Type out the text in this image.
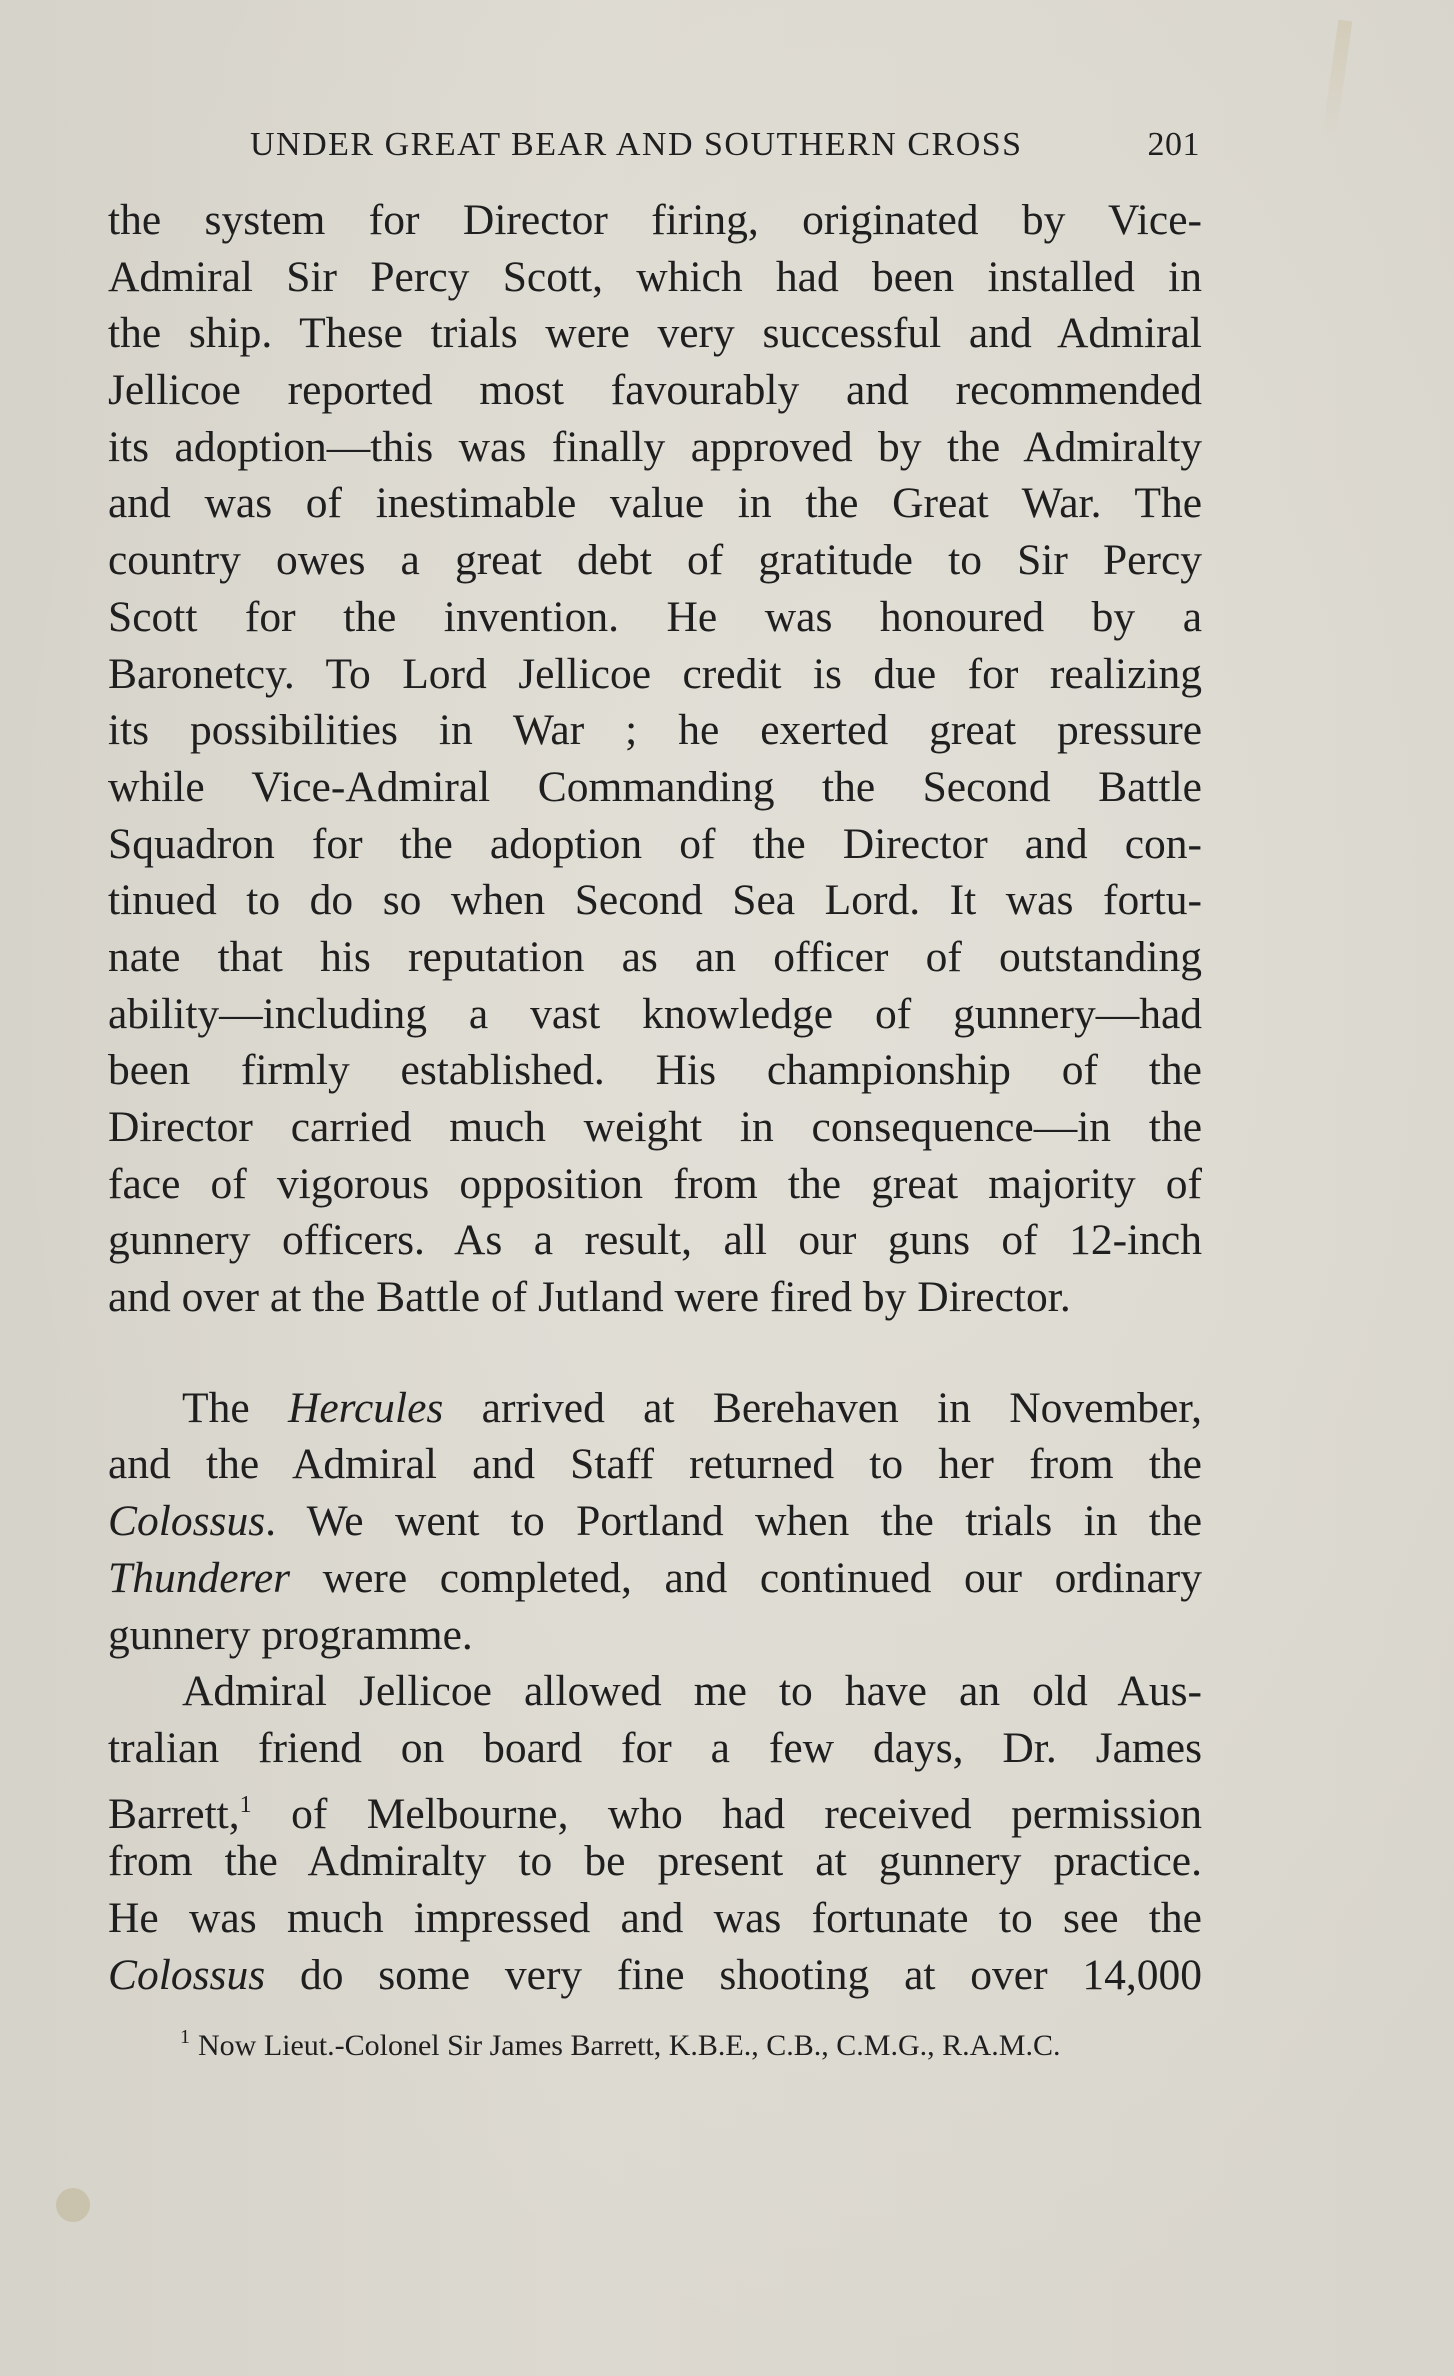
UNDER GREAT BEAR AND SOUTHERN CROSS	201
the system for Director firing, originated by Vice-
Admiral Sir Percy Scott, which had been installed in
the ship. These trials were very successful and Admiral
Jellicoe reported most favourably and recommended
its adoption—this was finally approved by the Admiralty
and was of inestimable value in the Great War. The
country owes a great debt of gratitude to Sir Percy
Scott for the invention. He was honoured by a
Baronetcy. To Lord Jellicoe credit is due for realizing
its possibilities in War ; he exerted great pressure
while Vice-Admiral Commanding the Second Battle
Squadron for the adoption of the Director and con-
tinued to do so when Second Sea Lord. It was fortu-
nate that his reputation as an officer of outstanding
ability—including a vast knowledge of gunnery—had
been firmly established. His championship of the
Director carried much weight in consequence—in the
face of vigorous opposition from the great majority of
gunnery officers. As a result, all our guns of 12-inch
and over at the Battle of Jutland were fired by Director.
The Hercules arrived at Berehaven in November,
and the Admiral and Staff returned to her from the
Colossus. We went to Portland when the trials in the
Thunderer were completed, and continued our ordinary
gunnery programme.
Admiral Jellicoe allowed me to have an old Aus-
tralian friend on board for a few days, Dr. James
Barrett,$^1$ of Melbourne, who had received permission
from the Admiralty to be present at gunnery practice.
He was much impressed and was fortunate to see the
Colossus do some very fine shooting at over 14,000
$^1$ Now Lieut.-Colonel Sir James Barrett, K.B.E., C.B., C.M.G., R.A.M.C.
